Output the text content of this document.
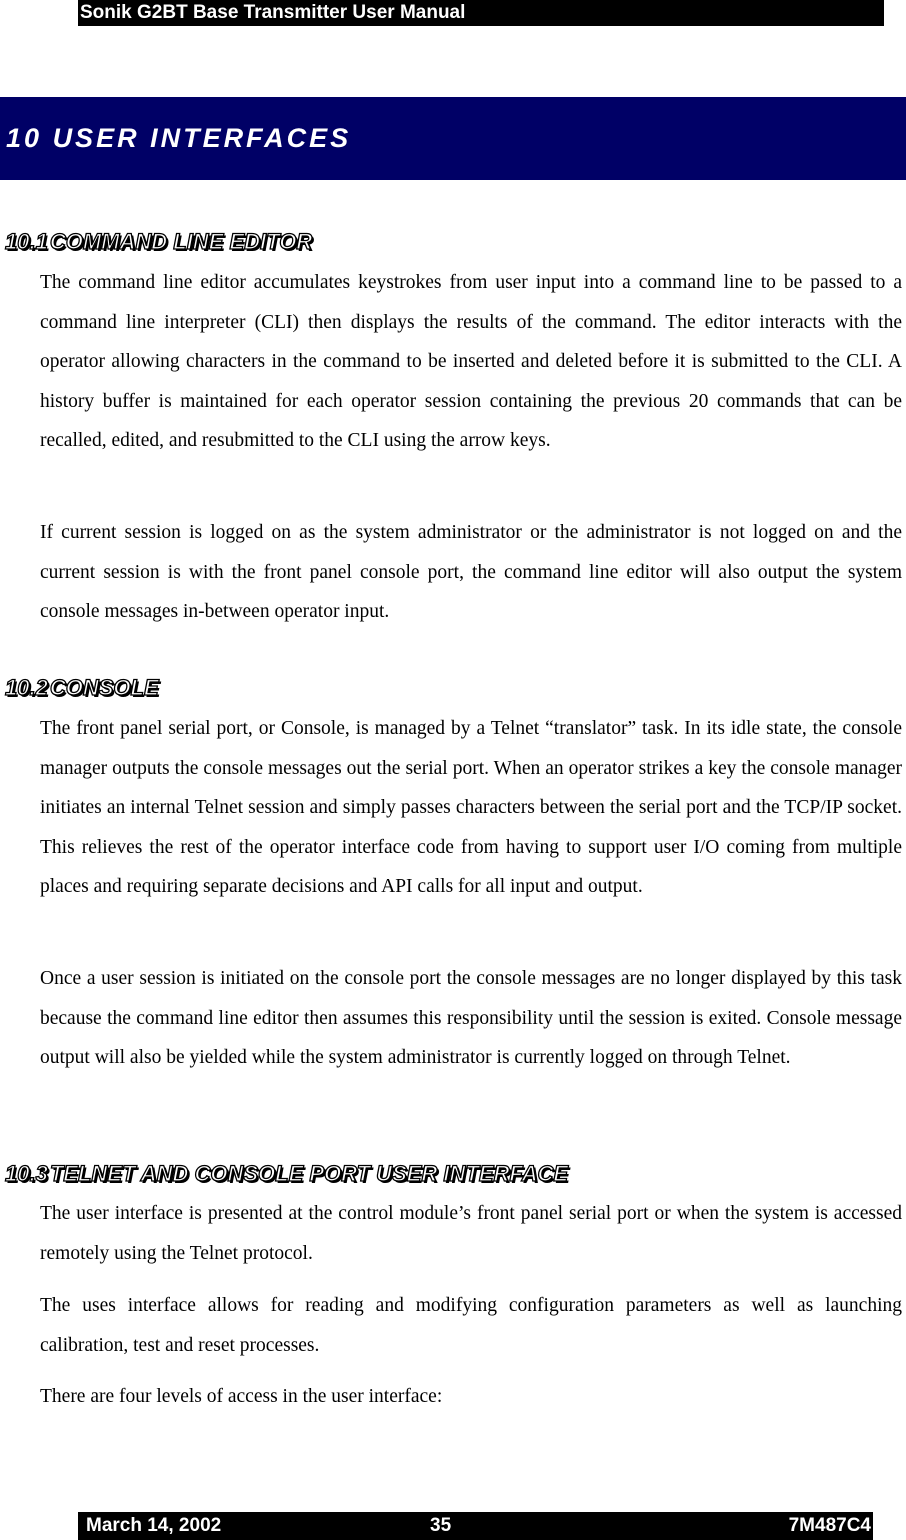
Sonik G2BT Base Transmitter User Manual
10 USER INTERFACES
10.1COMMAND LINE EDITOR

The command line editor accumulates keystrokes from user input into a command line to be passed to a command line interpreter (CLI) then displays the results of the command. The editor interacts with the operator allowing characters in the command to be inserted and deleted before it is submitted to the CLI. A history buffer is maintained for each operator session containing the previous 20 commands that can be recalled, edited, and resubmitted to the CLI using the arrow keys.

If current session is logged on as the system administrator or the administrator is not logged on and the current session is with the front panel console port, the command line editor will also output the system console messages in-between operator input.

10.2CONSOLE

The front panel serial port, or Console, is managed by a Telnet “translator” task. In its idle state, the console manager outputs the console messages out the serial port. When an operator strikes a key the console manager initiates an internal Telnet session and simply passes characters between the serial port and the TCP/IP socket. This relieves the rest of the operator interface code from having to support user I/O coming from multiple places and requiring separate decisions and API calls for all input and output.

Once a user session is initiated on the console port the console messages are no longer displayed by this task because the command line editor then assumes this responsibility until the session is exited. Console message output will also be yielded while the system administrator is currently logged on through Telnet.

10.3TELNET AND CONSOLE PORT USER INTERFACE

The user interface is presented at the control module’s front panel serial port or when the system is accessed remotely using the Telnet protocol.

The uses interface allows for reading and modifying configuration parameters as well as launching calibration, test and reset processes.

There are four levels of access in the user interface:

March 14, 2002	35	7M487C4
